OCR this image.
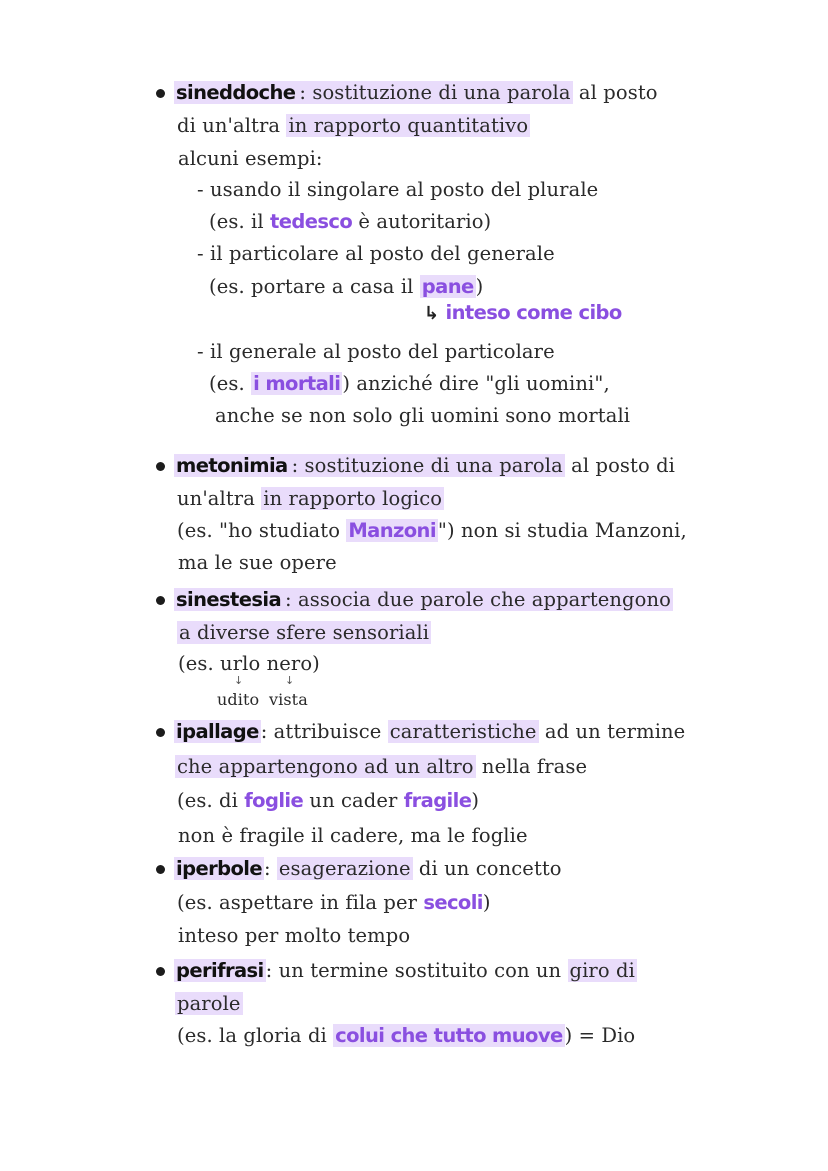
sineddoche : sostituzione di una parola al posto
di un'altra in rapporto quantitativo
alcuni esempi:
- usando il singolare al posto del plurale
(es. il tedesco è autoritario)
- il particolare al posto del generale
(es. portare a casa il pane )
↳ inteso come cibo
- il generale al posto del particolare
(es. i mortali ) anziché dire "gli uomini",
anche se non solo gli uomini sono mortali
metonimia : sostituzione di una parola al posto di
un'altra in rapporto logico
(es. "ho studiato Manzoni ") non si studia Manzoni,
ma le sue opere
sinestesia : associa due parole che appartengono
a diverse sfere sensoriali
(es. urlo nero)
↓	↓
udito vista
ipallage : attribuisce caratteristiche ad un termine
che appartengono ad un altro nella frase
(es. di foglie un cader fragile)
non è fragile il cadere, ma le foglie
iperbole : esagerazione di un concetto
(es. aspettare in fila per secoli)
inteso per molto tempo
perifrasi : un termine sostituito con un giro di
parole
(es. la gloria di colui che tutto muove ) = Dio
